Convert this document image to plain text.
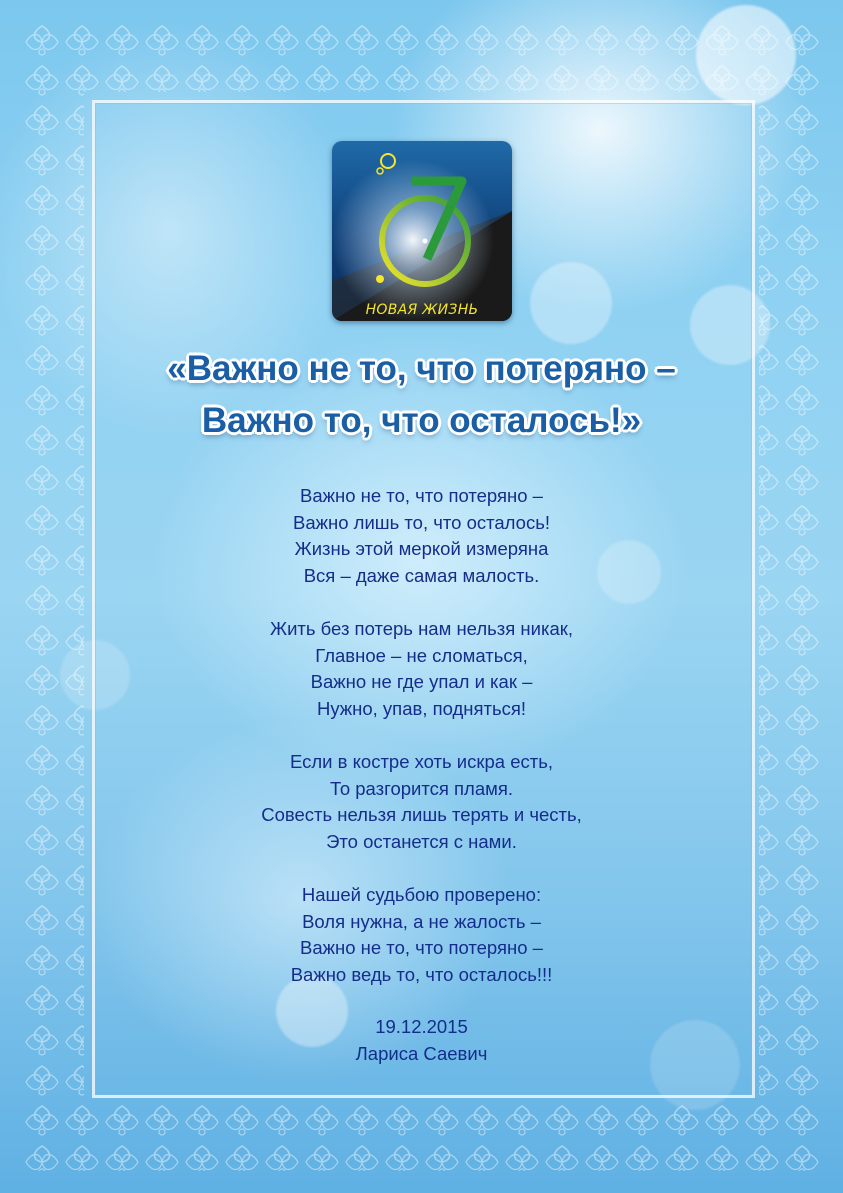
НОВАЯ ЖИЗНЬ
«Важно не то, что потеряно –
Важно то, что осталось!»
Важно не то, что потеряно –
Важно лишь то, что осталось!
Жизнь этой меркой измеряна
Вся – даже самая малость.
Жить без потерь нам нельзя никак,
Главное – не сломаться,
Важно не где упал и как –
Нужно, упав, подняться!
Если в костре хоть искра есть,
То разгорится пламя.
Совесть нельзя лишь терять и честь,
Это останется с нами.
Нашей судьбою проверено:
Воля нужна, а не жалость –
Важно не то, что потеряно –
Важно ведь то, что осталось!!!
19.12.2015
Лариса Саевич
